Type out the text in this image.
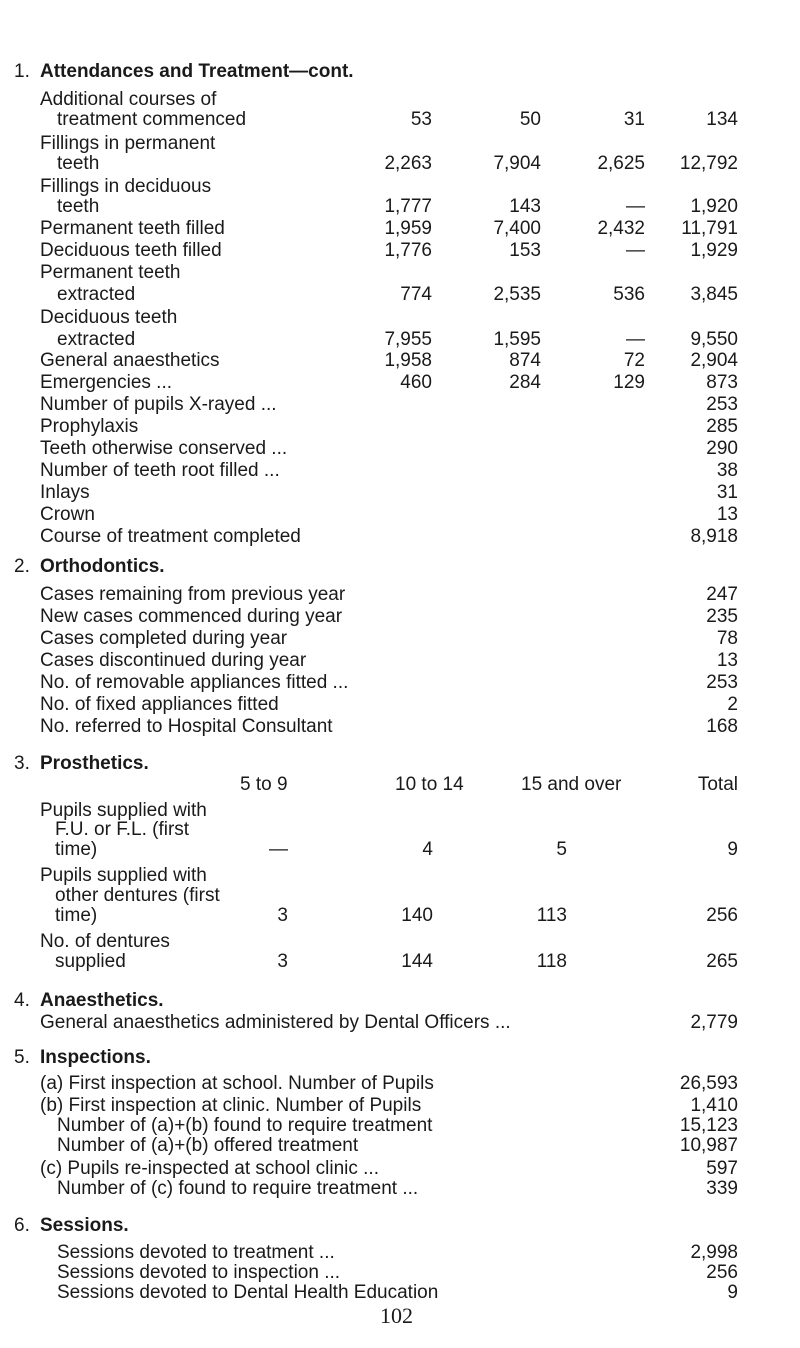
1. Attendances and Treatment—cont.
Additional courses of
treatment commenced	53	50	31	134
Fillings in permanent
teeth	2,263	7,904	2,625 12,792
Fillings in deciduous
teeth	1,777	143	— 1,920
Permanent teeth filled	1,959	7,400	2,432 11,791
Deciduous teeth filled	1,776	153	— 1,929
Permanent teeth
extracted	774	2,535	536 3,845
Deciduous teeth
extracted	7,955	1,595	— 9,550
General anaesthetics	1,958	874	72 2,904
Emergencies ...	460	284	129	873
Number of pupils X-rayed ...	253
Prophylaxis	285
Teeth otherwise conserved ...	290
Number of teeth root filled ...	38
Inlays	31
Crown	13
Course of treatment completed	8,918
2. Orthodontics.
Cases remaining from previous year	247
New cases commenced during year	235
Cases completed during year	78
Cases discontinued during year	13
No. of removable appliances fitted ...	253
No. of fixed appliances fitted	2
No. referred to Hospital Consultant	168
3. Prosthetics.
5 to 9	10 to 14	15 and over	Total
Pupils supplied with
F.U. or F.L. (first
time)	—	4	5	9
Pupils supplied with
other dentures (first
time)	3	140	113	256
No. of dentures
supplied	3	144	118	265
4. Anaesthetics.
General anaesthetics administered by Dental Officers ...	2,779
5. Inspections.
(a) First inspection at school. Number of Pupils	26,593
(b) First inspection at clinic. Number of Pupils	1,410
Number of (a)+(b) found to require treatment	15,123
Number of (a)+(b) offered treatment	10,987
(c) Pupils re-inspected at school clinic ...	597
Number of (c) found to require treatment ...	339
6. Sessions.
Sessions devoted to treatment ...	2,998
Sessions devoted to inspection ...	256
Sessions devoted to Dental Health Education	9
102
